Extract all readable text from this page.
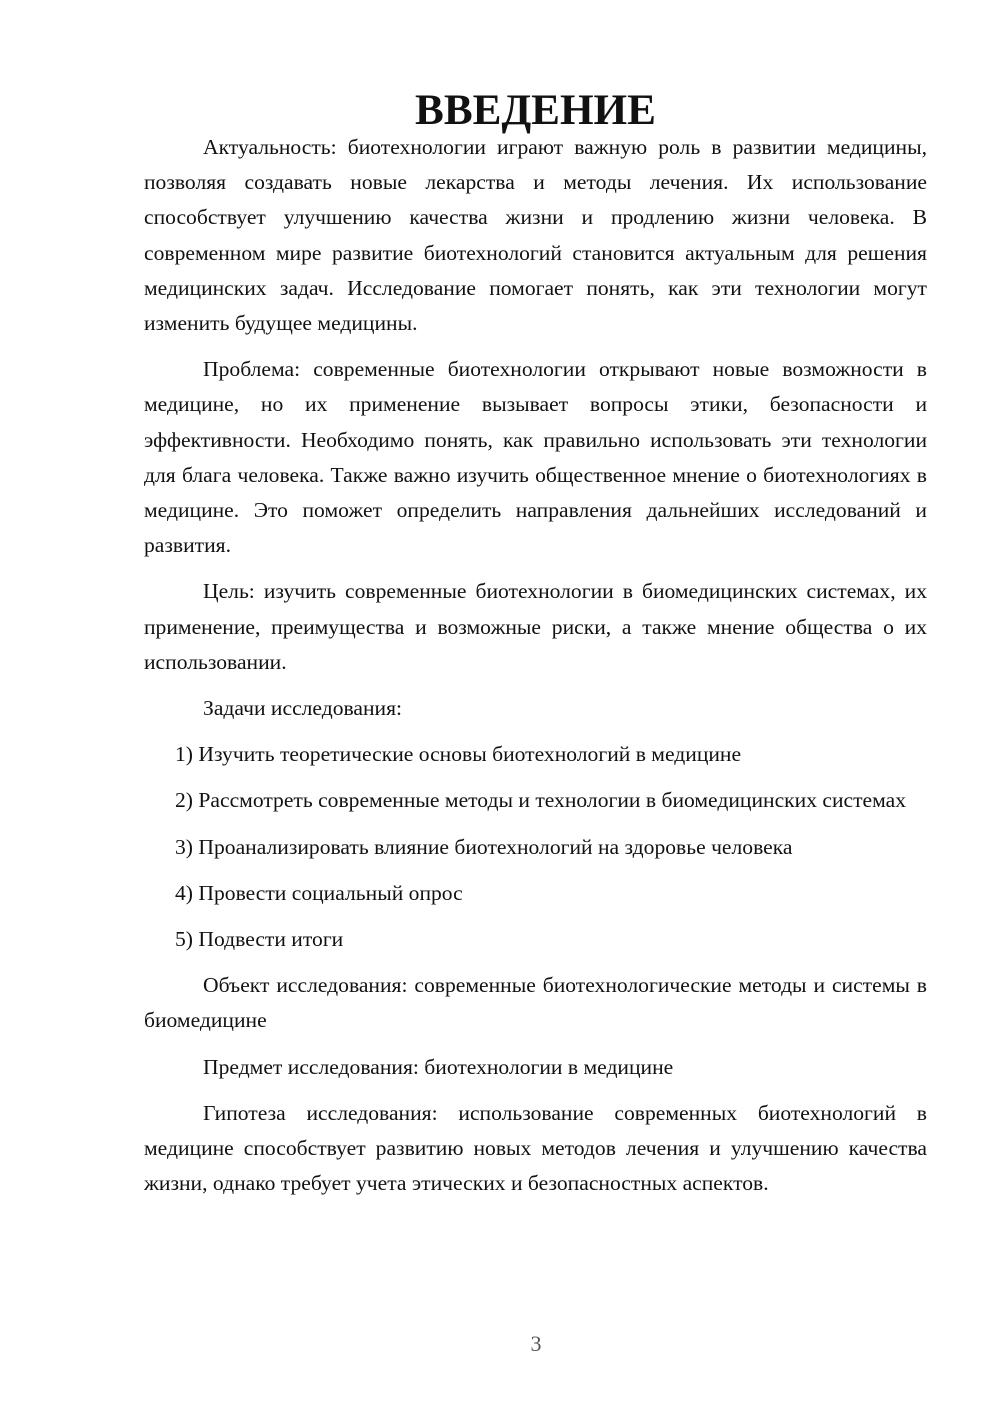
ВВЕДЕНИЕ

Актуальность: биотехнологии играют важную роль в развитии медицины, позволяя создавать новые лекарства и методы лечения. Их использование способствует улучшению качества жизни и продлению жизни человека. В современном мире развитие биотехнологий становится актуальным для решения медицинских задач. Исследование помогает понять, как эти технологии могут изменить будущее медицины.

Проблема: современные биотехнологии открывают новые возможности в медицине, но их применение вызывает вопросы этики, безопасности и эффективности. Необходимо понять, как правильно использовать эти технологии для блага человека. Также важно изучить общественное мнение о биотехнологиях в медицине. Это поможет определить направления дальнейших исследований и развития.

Цель: изучить современные биотехнологии в биомедицинских системах, их применение, преимущества и возможные риски, а также мнение общества о их использовании.

Задачи исследования:

1) Изучить теоретические основы биотехнологий в медицине

2) Рассмотреть современные методы и технологии в биомедицинских системах

3) Проанализировать влияние биотехнологий на здоровье человека

4) Провести социальный опрос

5) Подвести итоги

Объект исследования: современные биотехнологические методы и системы в биомедицине

Предмет исследования: биотехнологии в медицине

Гипотеза исследования: использование современных биотехнологий в медицине способствует развитию новых методов лечения и улучшению качества жизни, однако требует учета этических и безопасностных аспектов.

3
